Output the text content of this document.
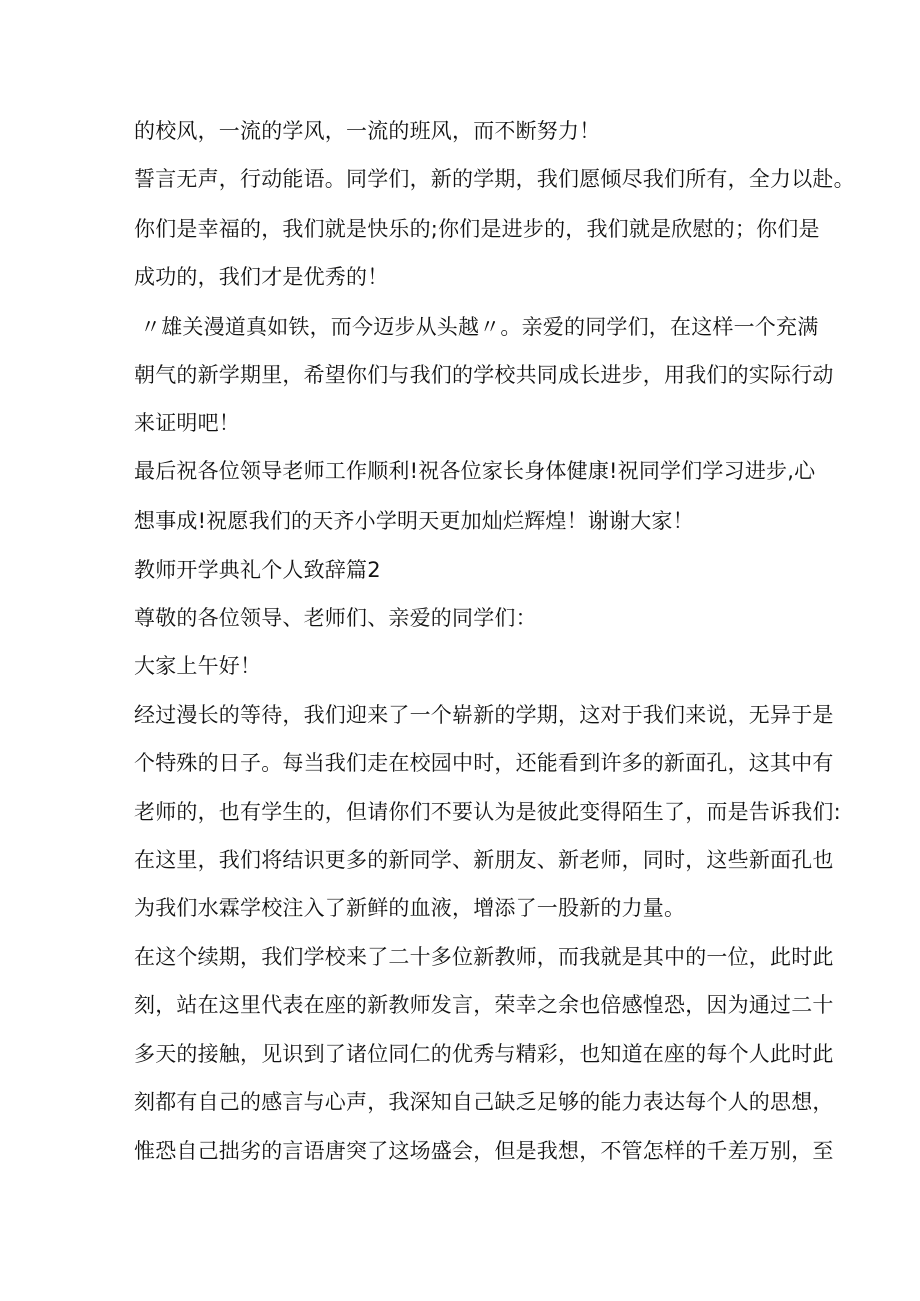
的校风，一流的学风，一流的班风，而不断努力！
誓言无声，行动能语。同学们，新的学期，我们愿倾尽我们所有，全力以赴。
你们是幸福的，我们就是快乐的;你们是进步的，我们就是欣慰的；你们是
成功的，我们才是优秀的！
〃雄关漫道真如铁，而今迈步从头越〃。亲爱的同学们，在这样一个充满
朝气的新学期里，希望你们与我们的学校共同成长进步，用我们的实际行动
来证明吧！
最后祝各位领导老师工作顺利!祝各位家长身体健康!祝同学们学习进步,心
想事成!祝愿我们的天齐小学明天更加灿烂辉煌！谢谢大家！
教师开学典礼个人致辞篇2
尊敬的各位领导、老师们、亲爱的同学们：
大家上午好！
经过漫长的等待，我们迎来了一个崭新的学期，这对于我们来说，无异于是
个特殊的日子。每当我们走在校园中时，还能看到许多的新面孔，这其中有
老师的，也有学生的，但请你们不要认为是彼此变得陌生了，而是告诉我们:
在这里，我们将结识更多的新同学、新朋友、新老师，同时，这些新面孔也
为我们水霖学校注入了新鲜的血液，增添了一股新的力量。
在这个续期，我们学校来了二十多位新教师，而我就是其中的一位，此时此
刻，站在这里代表在座的新教师发言，荣幸之余也倍感惶恐，因为通过二十
多天的接触，见识到了诸位同仁的优秀与精彩，也知道在座的每个人此时此
刻都有自己的感言与心声，我深知自己缺乏足够的能力表达每个人的思想，
惟恐自己拙劣的言语唐突了这场盛会，但是我想，不管怎样的千差万别，至
